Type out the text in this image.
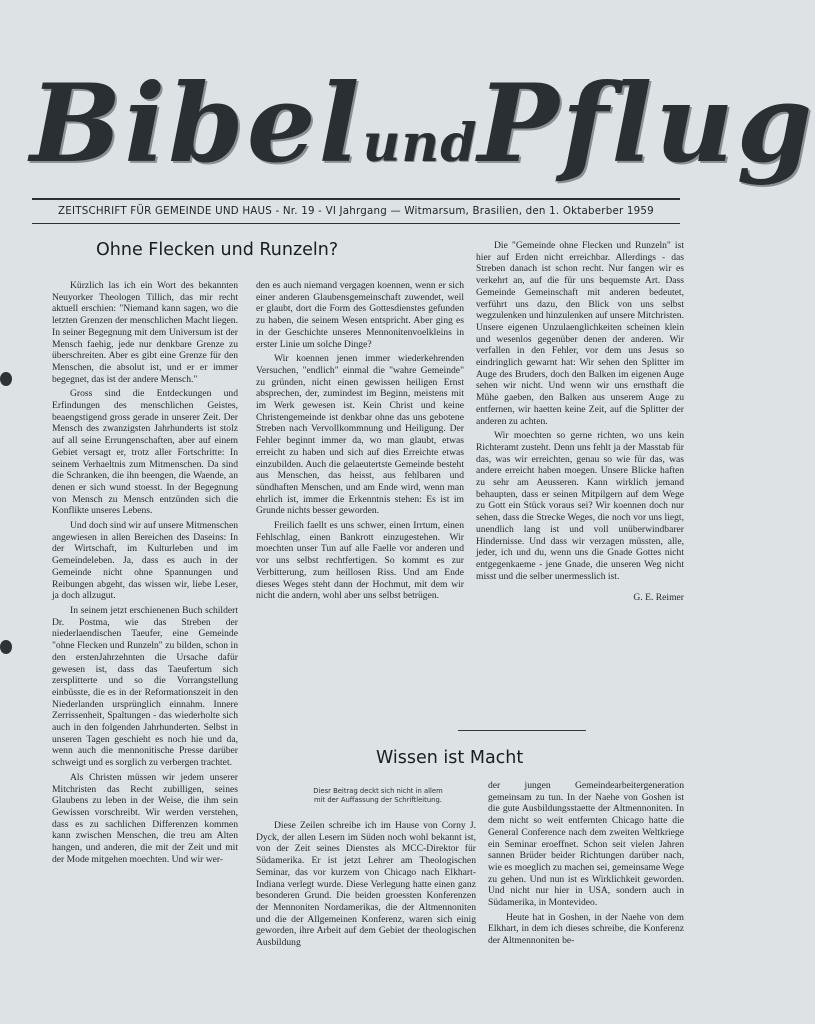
BibelundPflug
ZEITSCHRIFT FÜR GEMEINDE UND HAUS - Nr. 19 - VI Jahrgang — Witmarsum, Brasilien, den 1. Oktaberber 1959
Ohne Flecken und Runzeln?

Kürzlich las ich ein Wort des bekannten Neuyorker Theologen Tillich, das mir recht aktuell erschien: "Niemand kann sagen, wo die letzten Grenzen der menschlichen Macht liegen. In seiner Begegnung mit dem Universum ist der Mensch faehig, jede nur denkbare Grenze zu überschreiten. Aber es gibt eine Grenze für den Menschen, die absolut ist, und er er immer begegnet, das ist der andere Mensch."

Gross sind die Entdeckungen und Erfindungen des menschlichen Geistes, beaengstigend gross gerade in unserer Zeit. Der Mensch des zwanzigsten Jahrhunderts ist stolz auf all seine Errungenschaften, aber auf einem Gebiet versagt er, trotz aller Fortschritte: In seinem Verhaeltnis zum Mitmenschen. Da sind die Schranken, die ihn beengen, die Waende, an denen er sich wund stoesst. In der Begegnung von Mensch zu Mensch entzünden sich die Konflikte unseres Lebens.

Und doch sind wir auf unsere Mitmenschen angewiesen in allen Bereichen des Daseins: In der Wirtschaft, im Kulturleben und im Gemeindeleben. Ja, dass es auch in der Gemeinde nicht ohne Spannungen und Reibungen abgeht, das wissen wir, liebe Leser, ja doch allzugut.

In seinem jetzt erschienenen Buch schildert Dr. Postma, wie das Streben der niederlaendischen Taeufer, eine Gemeinde "ohne Flecken und Runzeln" zu bilden, schon in den erstenJahrzehnten die Ursache dafür gewesen ist, dass das Taeufertum sich zersplitterte und so die Vorrangstellung einbüsste, die es in der Reformationszeit in den Niederlanden ursprünglich einnahm. Innere Zerrissenheit, Spaltungen - das wiederholte sich auch in den folgenden Jahrhunderten. Selbst in unseren Tagen geschieht es noch hie und da, wenn auch die mennonitische Presse darüber schweigt und es sorglich zu verbergen trachtet.

Als Christen müssen wir jedem unserer Mitchristen das Recht zubilligen, seines Glaubens zu leben in der Weise, die ihm sein Gewissen vorschreibt. Wir werden verstehen, dass es zu sachlichen Differenzen kommen kann zwischen Menschen, die treu am Alten hangen, und anderen, die mit der Zeit und mit der Mode mitgehen moechten. Und wir wer-

den es auch niemand vergagen koennen, wenn er sich einer anderen Glaubensgemeinschaft zuwendet, weil er glaubt, dort die Form des Gottesdienstes gefunden zu haben, die seinem Wesen entspricht. Aber ging es in der Geschichte unseres Mennonitenvoelkleins in erster Linie um solche Dinge?

Wir koennen jenen immer wiederkehrenden Versuchen, "endlich" einmal die "wahre Gemeinde" zu gründen, nicht einen gewissen heiligen Ernst absprechen, der, zumindest im Beginn, meistens mit im Werk gewesen ist. Kein Christ und keine Christengemeinde ist denkbar ohne das uns gebotene Streben nach Vervollkommnung und Heiligung. Der Fehler beginnt immer da, wo man glaubt, etwas erreicht zu haben und sich auf dies Erreichte etwas einzubilden. Auch die gelaeutertste Gemeinde besteht aus Menschen, das heisst, aus fehlbaren und sündhaften Menschen, und am Ende wird, wenn man ehrlich ist, immer die Erkenntnis stehen: Es ist im Grunde nichts besser geworden.

Freilich faellt es uns schwer, einen Irrtum, einen Fehlschlag, einen Bankrott einzugestehen. Wir moechten unser Tun auf alle Faelle vor anderen und vor uns selbst rechtfertigen. So kommt es zur Verbitterung, zum heillosen Riss. Und am Ende dieses Weges steht dann der Hochmut, mit dem wir nicht die andern, wohl aber uns selbst betrügen.

Die "Gemeinde ohne Flecken und Runzeln" ist hier auf Erden nicht erreichbar. Allerdings - das Streben danach ist schon recht. Nur fangen wir es verkehrt an, auf die für uns bequemste Art. Dass Gemeinde Gemeinschaft mit anderen bedeutet, verführt uns dazu, den Blick von uns selbst wegzulenken und hinzulenken auf unsere Mitchristen. Unsere eigenen Unzulaenglichkeiten scheinen klein und wesenlos gegenüber denen der anderen. Wir verfallen in den Fehler, vor dem uns Jesus so eindringlich gewarnt hat: Wir sehen den Splitter im Auge des Bruders, doch den Balken im eigenen Auge sehen wir nicht. Und wenn wir uns ernsthaft die Mühe gaeben, den Balken aus unserem Auge zu entfernen, wir haetten keine Zeit, auf die Splitter der anderen zu achten.

Wir moechten so gerne richten, wo uns kein Richteramt zusteht. Denn uns fehlt ja der Masstab für das, was wir erreichten, genau so wie für das, was andere erreicht haben moegen. Unsere Blicke haften zu sehr am Aeusseren. Kann wirklich jemand behaupten, dass er seinen Mitpilgern auf dem Wege zu Gott ein Stück voraus sei? Wir koennen doch nur sehen, dass die Strecke Weges, die noch vor uns liegt, unendlich lang ist und voll unüberwindbarer Hindernisse. Und dass wir verzagen müssten, alle, jeder, ich und du, wenn uns die Gnade Gottes nicht entgegenkaeme - jene Gnade, die unseren Weg nicht misst und die selber unermesslich ist.

G. E. Reimer

Wissen ist Macht
Diesr Beitrag deckt sich nicht in allem
mit der Auffassung der Schriftleitung.

Diese Zeilen schreibe ich im Hause von Corny J. Dyck, der allen Lesern im Süden noch wohl bekannt ist, von der Zeit seines Dienstes als MCC-Direktor für Südamerika. Er ist jetzt Lehrer am Theologischen Seminar, das vor kurzem von Chicago nach Elkhart-Indiana verlegt wurde. Diese Verlegung hatte einen ganz besonderen Grund. Die beiden groessten Konferenzen der Mennoniten Nordamerikas, die der Altmennoniten und die der Allgemeinen Konferenz, waren sich einig geworden, ihre Arbeit auf dem Gebiet der theologischen Ausbildung

der jungen Gemeindearbeitergeneration gemeinsam zu tun. In der Naehe von Goshen ist die gute Ausbildungsstaette der Altmennoniten. In dem nicht so weit entfernten Chicago hatte die General Conference nach dem zweiten Weltkriege ein Seminar eroeffnet. Schon seit vielen Jahren sannen Brüder beider Richtungen darüber nach, wie es moeglich zu machen sei, gemeinsame Wege zu gehen. Und nun ist es Wirklichkeit geworden. Und nicht nur hier in USA, sondern auch in Südamerika, in Montevideo.

Heute hat in Goshen, in der Naehe von dem Elkhart, in dem ich dieses schreibe, die Konferenz der Altmennoniten be-
